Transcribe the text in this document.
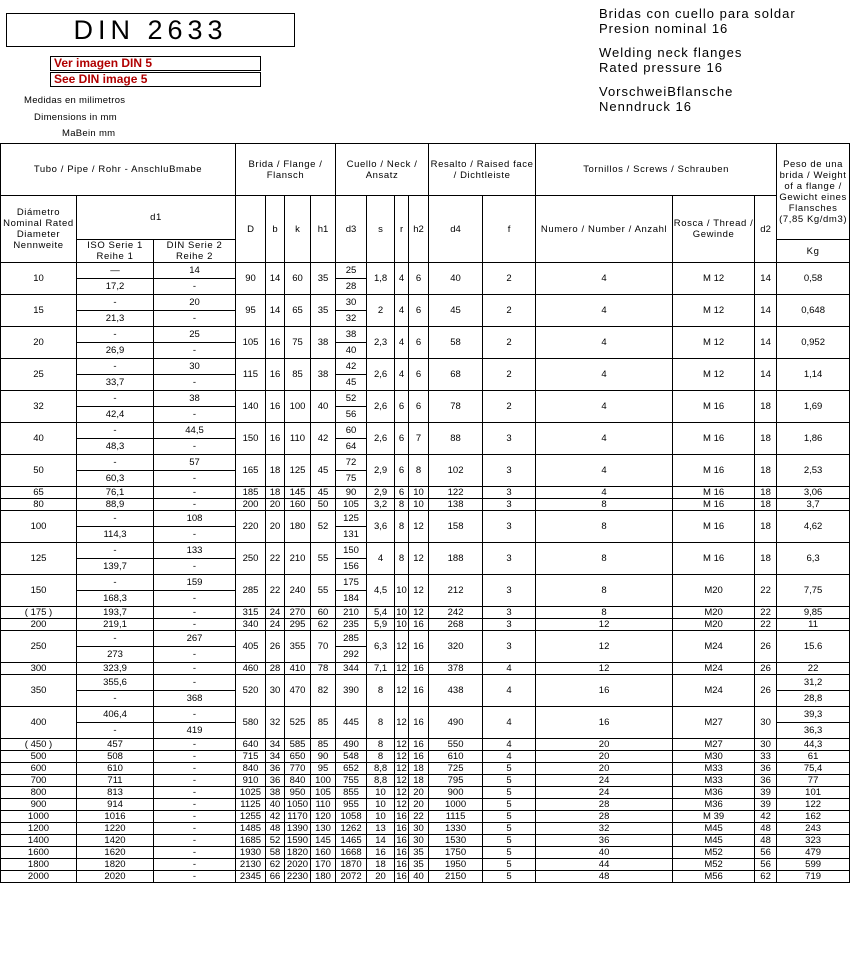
DIN 2633
Ver imagen DIN 5
See DIN image 5
Medidas en milimetros
Dimensions in mm
MaBein mm
Bridas con cuello para soldar
Presion nominal 16
Welding neck flanges
Rated pressure 16
VorschweiBflansche
Nenndruck 16
Tubo / Pipe / Rohr - AnschluBmabe			Brida / Flange / Flansch				Cuello / Neck / Ansatz				Resalto / Raised face / Dichtleiste		Tornillos / Screws / Schrauben			Peso de una brida / Weight of a flange / Gewicht eines Flansches (7,85 Kg/dm3)
Diámetro Nominal Rated Diameter Nennweite	d1		D	b	k	h1	d3	s	r	h2	d4	f	Numero / Number / Anzahl	Rosca / Thread / Gewinde	d2	
	ISO Serie 1 Reihe 1	DIN Serie 2 Reihe 2														Kg
10	—	14	90	14	60	35	25	1,8	4	6	40	2	4	M 12	14	0,58
	17,2	-					28									
15	-	20	95	14	65	35	30	2	4	6	45	2	4	M 12	14	0,648
	21,3	-					32									
20	-	25	105	16	75	38	38	2,3	4	6	58	2	4	M 12	14	0,952
	26,9	-					40									
25	-	30	115	16	85	38	42	2,6	4	6	68	2	4	M 12	14	1,14
	33,7	-					45									
32	-	38	140	16	100	40	52	2,6	6	6	78	2	4	M 16	18	1,69
	42,4	-					56									
40	-	44,5	150	16	110	42	60	2,6	6	7	88	3	4	M 16	18	1,86
	48,3	-					64									
50	-	57	165	18	125	45	72	2,9	6	8	102	3	4	M 16	18	2,53
	60,3	-					75									
65	76,1	-	185	18	145	45	90	2,9	6	10	122	3	4	M 16	18	3,06
80	88,9	-	200	20	160	50	105	3,2	8	10	138	3	8	M 16	18	3,7
100	-	108	220	20	180	52	125	3,6	8	12	158	3	8	M 16	18	4,62
	114,3	-					131									
125	-	133	250	22	210	55	150	4	8	12	188	3	8	M 16	18	6,3
	139,7	-					156									
150	-	159	285	22	240	55	175	4,5	10	12	212	3	8	M20	22	7,75
	168,3	-					184									
( 175 )	193,7	-	315	24	270	60	210	5,4	10	12	242	3	8	M20	22	9,85
200	219,1	-	340	24	295	62	235	5,9	10	16	268	3	12	M20	22	11
250	-	267	405	26	355	70	285	6,3	12	16	320	3	12	M24	26	15.6
	273	-					292									
300	323,9	-	460	28	410	78	344	7,1	12	16	378	4	12	M24	26	22
350	355,6	-	520	30	470	82	390	8	12	16	438	4	16	M24	26	31,2
	-	368														28,8
400	406,4	-	580	32	525	85	445	8	12	16	490	4	16	M27	30	39,3
	-	419														36,3
( 450 )	457	-	640	34	585	85	490	8	12	16	550	4	20	M27	30	44,3
500	508	-	715	34	650	90	548	8	12	16	610	4	20	M30	33	61
600	610	-	840	36	770	95	652	8,8	12	18	725	5	20	M33	36	75,4
700	711	-	910	36	840	100	755	8,8	12	18	795	5	24	M33	36	77
800	813	-	1025	38	950	105	855	10	12	20	900	5	24	M36	39	101
900	914	-	1125	40	1050	110	955	10	12	20	1000	5	28	M36	39	122
1000	1016	-	1255	42	1170	120	1058	10	16	22	1115	5	28	M 39	42	162
1200	1220	-	1485	48	1390	130	1262	13	16	30	1330	5	32	M45	48	243
1400	1420	-	1685	52	1590	145	1465	14	16	30	1530	5	36	M45	48	323
1600	1620	-	1930	58	1820	160	1668	16	16	35	1750	5	40	M52	56	479
1800	1820	-	2130	62	2020	170	1870	18	16	35	1950	5	44	M52	56	599
2000	2020	-	2345	66	2230	180	2072	20	16	40	2150	5	48	M56	62	719
